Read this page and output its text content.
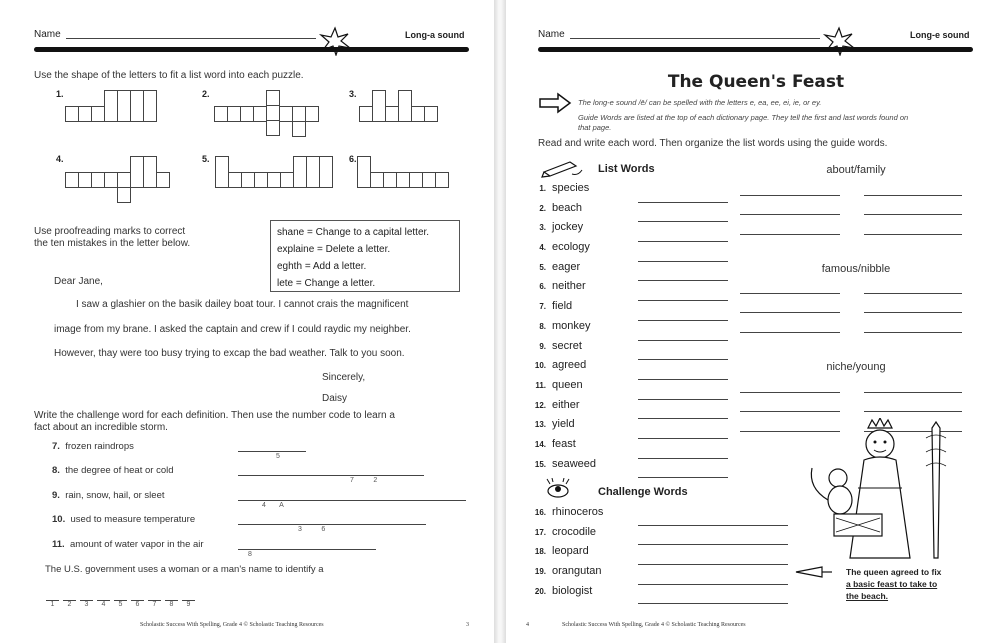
Name	Long-a sound
Use the shape of the letters to fit a list word into each puzzle.
1.	2.	3.
4.	5.	6.
Use proofreading marks to correct
the ten mistakes in the letter below.
shane = Change to a capital letter.
explaine = Delete a letter.
eghth = Add a letter.
lete = Change a letter.
Dear Jane,
I saw a glashier on the basik dailey boat tour. I cannot crais the magnificent
image from my brane. I asked the captain and crew if I could raydic my neighber.
However, thay were too busy trying to excap the bad weather. Talk to you soon.
Sincerely,
Daisy
Write the challenge word for each definition. Then use the number code to learn a
fact about an incredible storm.
7. frozen raindrops
5
8. the degree of heat or cold
7          2
9. rain, snow, hail, or sleet
4       A
10. used to measure temperature
3          6
11. amount of water vapor in the air
8
The U.S. government uses a woman or a man's name to identify a
1	2	3	4	5	6	7	8	9
Scholastic Success With Spelling, Grade 4 © Scholastic Teaching Resources	3
Name	Long-e sound
The Queen's Feast
The long-e sound /ē/ can be spelled with the letters e, ea, ee, ei, ie, or ey.
Guide Words are listed at the top of each dictionary page. They tell the first and last words found on
that page.
Read and write each word. Then organize the list words using the guide words.
List Words
1. species
2. beach
3. jockey
4. ecology
5. eager
6. neither
7. field
8. monkey
9. secret
10. agreed
11. queen
12. either
13. yield
14. feast
15. seaweed
about/family
famous/nibble
niche/young
Challenge Words
16. rhinoceros
17. crocodile
18. leopard
19. orangutan
20. biologist
The queen agreed to fix
a basic feast to take to
the beach.
4	Scholastic Success With Spelling, Grade 4 © Scholastic Teaching Resources
